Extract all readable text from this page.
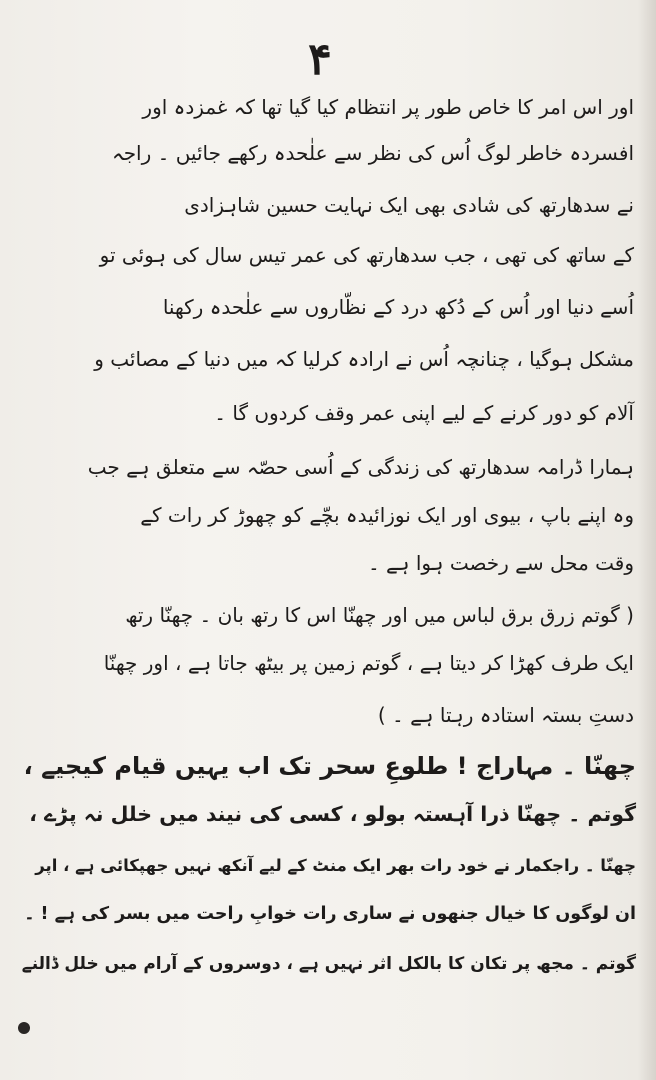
۴
اور اس امر کا خاص طور پر انتظام کیا گیا تھا کہ غمزدہ اور
افسردہ خاطر لوگ اُس کی نظر سے علٰحدہ رکھے جائیں ۔ راجہ
نے سدھارتھ کی شادی بھی ایک نہایت حسین شاہزادی
کے ساتھ کی تھی ، جب سدھارتھ کی عمر تیس سال کی ہوئی تو
اُسے دنیا اور اُس کے دُکھ درد کے نظّاروں سے علٰحدہ رکھنا
مشکل ہوگیا ، چنانچہ اُس نے ارادہ کرلیا کہ میں دنیا کے مصائب و
آلام کو دور کرنے کے لیے اپنی عمر وقف کردوں گا ۔
ہمارا ڈرامہ سدھارتھ کی زندگی کے اُسی حصّہ سے متعلق ہے جب
وہ اپنے باپ ، بیوی اور ایک نوزائیدہ بچّے کو چھوڑ کر رات کے
وقت محل سے رخصت ہوا ہے ۔
( گوتم زرق برق لباس میں اور چھنّا اس کا رتھ بان ۔ چھنّا رتھ
ایک طرف کھڑا کر دیتا ہے ، گوتم زمین پر بیٹھ جاتا ہے ، اور چھنّا
دستِ بستہ استادہ رہتا ہے ۔ )
چھنّا ۔ مہاراج ! طلوعِ سحر تک اب یہیں قیام کیجیے ،
گوتم ۔ چھنّا ذرا آہستہ بولو ، کسی کی نیند میں خلل نہ پڑے ،
چھنّا ۔ راجکمار نے خود رات بھر ایک منٹ کے لیے آنکھ نہیں جھپکائی ہے ، اپر
ان لوگوں کا خیال جنھوں نے ساری رات خوابِ راحت میں بسر کی ہے ! ۔
گوتم ۔ مجھ پر تکان کا بالکل اثر نہیں ہے ، دوسروں کے آرام میں خلل ڈالنے
